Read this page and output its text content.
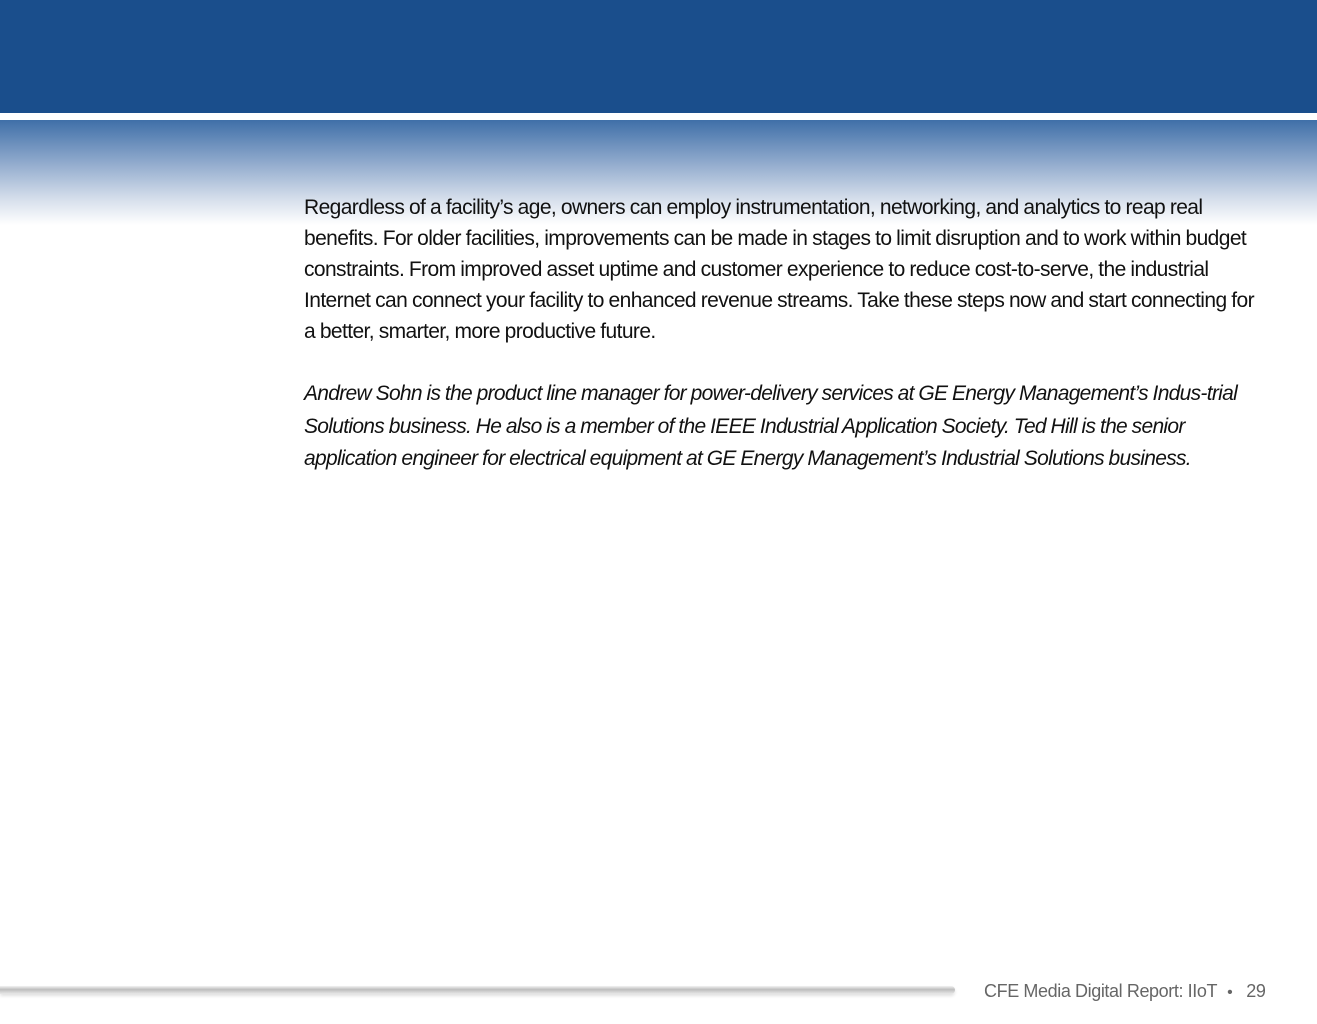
Regardless of a facility’s age, owners can employ instrumentation, networking, and analytics to reap real benefits. For older facilities, improvements can be made in stages to limit disruption and to work within budget constraints. From improved asset uptime and customer experience to reduce cost-to-serve, the industrial Internet can connect your facility to enhanced revenue streams. Take these steps now and start connecting for a better, smarter, more productive future.

Andrew Sohn is the product line manager for power-delivery services at GE Energy Management’s Indus-trial Solutions business. He also is a member of the IEEE Industrial Application Society. Ted Hill is the senior application engineer for electrical equipment at GE Energy Management’s Industrial Solutions business.

CFE Media Digital Report: IIoT • 29
